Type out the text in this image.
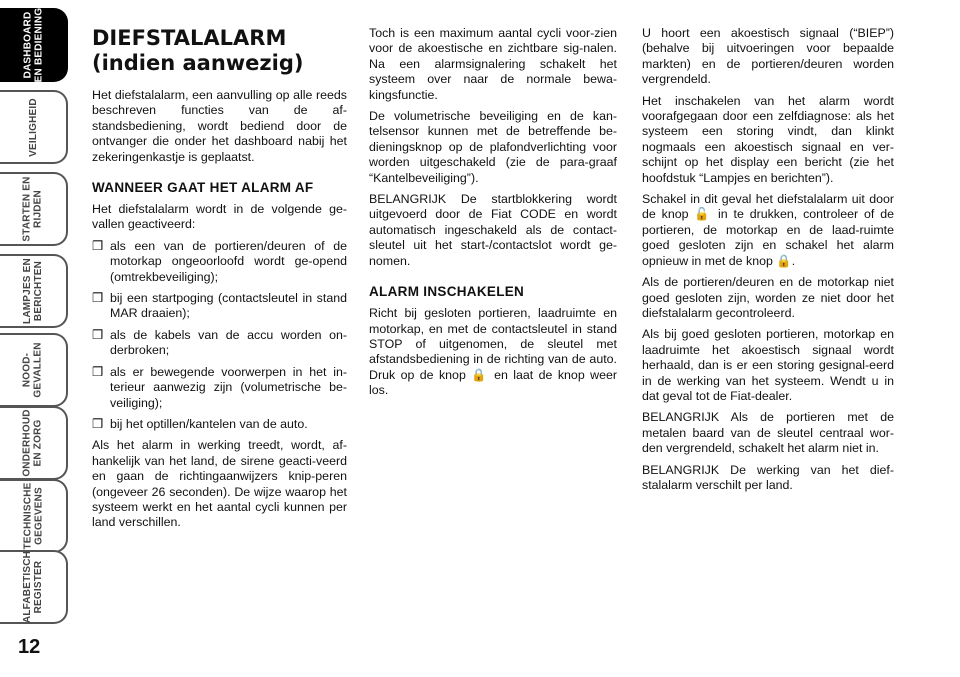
DASHBOARD
EN BEDIENING
VEILIGHEID
STARTEN EN
RIJDEN
LAMPJES EN
BERICHTEN
NOOD-
GEVALLEN
ONDERHOUD
EN ZORG
TECHNISCHE
GEGEVENS
ALFABETISCH
REGISTER
12
DIEFSTALALARM
(indien aanwezig)

Het diefstalalarm, een aanvulling op alle reeds beschreven functies van de af-standsbediening, wordt bediend door de ontvanger die onder het dashboard nabij het zekeringenkastje is geplaatst.

WANNEER GAAT HET ALARM AF

Het diefstalalarm wordt in de volgende ge-vallen geactiveerd:

❒ als een van de portieren/deuren of de motorkap ongeoorloofd wordt ge-opend (omtrekbeveiliging);
❒ bij een startpoging (contactsleutel in stand MAR draaien);
❒ als de kabels van de accu worden on-derbroken;
❒ als er bewegende voorwerpen in het in-terieur aanwezig zijn (volumetrische be-veiliging);
❒ bij het optillen/kantelen van de auto.

Als het alarm in werking treedt, wordt, af-hankelijk van het land, de sirene geacti-veerd en gaan de richtingaanwijzers knip-peren (ongeveer 26 seconden). De wijze waarop het systeem werkt en het aantal cycli kunnen per land verschillen.

Toch is een maximum aantal cycli voor-zien voor de akoestische en zichtbare sig-nalen. Na een alarmsignalering schakelt het systeem over naar de normale bewa-kingsfunctie.

De volumetrische beveiliging en de kan-telsensor kunnen met de betreffende be-dieningsknop op de plafondverlichting voor worden uitgeschakeld (zie de para-graaf “Kantelbeveiliging”).

BELANGRIJK De startblokkering wordt uitgevoerd door de Fiat CODE en wordt automatisch ingeschakeld als de contact-sleutel uit het start-/contactslot wordt ge-nomen.

ALARM INSCHAKELEN

Richt bij gesloten portieren, laadruimte en motorkap, en met de contactsleutel in stand STOP of uitgenomen, de sleutel met afstandsbediening in de richting van de auto. Druk op de knop 🔒 en laat de knop weer los.

U hoort een akoestisch signaal (“BIEP”) (behalve bij uitvoeringen voor bepaalde markten) en de portieren/deuren worden vergrendeld.

Het inschakelen van het alarm wordt voorafgegaan door een zelfdiagnose: als het systeem een storing vindt, dan klinkt nogmaals een akoestisch signaal en ver-schijnt op het display een bericht (zie het hoofdstuk “Lampjes en berichten”).

Schakel in dit geval het diefstalalarm uit door de knop 🔓 in te drukken, controleer of de portieren, de motorkap en de laad-ruimte goed gesloten zijn en schakel het alarm opnieuw in met de knop 🔒.

Als de portieren/deuren en de motorkap niet goed gesloten zijn, worden ze niet door het diefstalalarm gecontroleerd.

Als bij goed gesloten portieren, motorkap en laadruimte het akoestisch signaal wordt herhaald, dan is er een storing gesignal-eerd in de werking van het systeem. Wendt u in dat geval tot de Fiat-dealer.

BELANGRIJK Als de portieren met de metalen baard van de sleutel centraal wor-den vergrendeld, schakelt het alarm niet in.

BELANGRIJK De werking van het dief-stalalarm verschilt per land.
